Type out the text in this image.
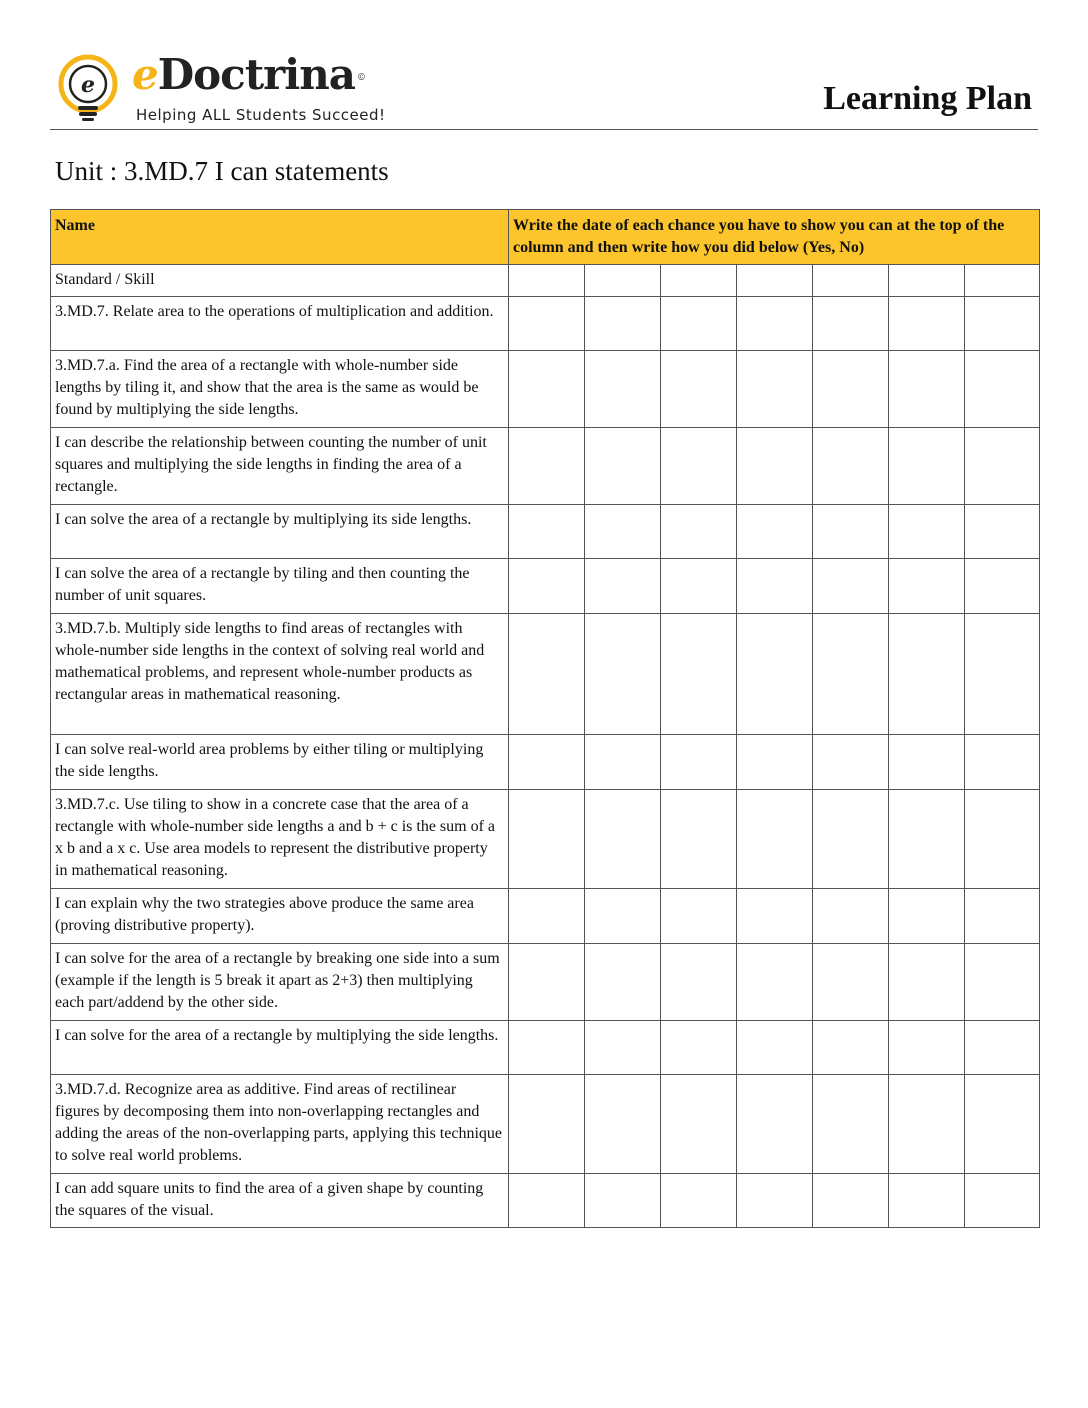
e eDoctrina ©
Helping ALL Students Succeed!	Learning Plan
Unit : 3.MD.7 I can statements
Name	Write the date of each chance you have to show you can at the top of the column and then write how you did below (Yes, No)						
Standard / Skill							
3.MD.7. Relate area to the operations of multiplication and addition.							
3.MD.7.a. Find the area of a rectangle with whole-number side lengths by tiling it, and show that the area is the same as would be found by multiplying the side lengths.							
I can describe the relationship between counting the number of unit squares and multiplying the side lengths in finding the area of a rectangle.							
I can solve the area of a rectangle by multiplying its side lengths.							
I can solve the area of a rectangle by tiling and then counting the number of unit squares.							
3.MD.7.b. Multiply side lengths to find areas of rectangles with whole-number side lengths in the context of solving real world and mathematical problems, and represent whole-number products as rectangular areas in mathematical reasoning.							
I can solve real-world area problems by either tiling or multiplying the side lengths.							
3.MD.7.c. Use tiling to show in a concrete case that the area of a rectangle with whole-number side lengths a and b + c is the sum of a x b and a x c. Use area models to represent the distributive property in mathematical reasoning.							
I can explain why the two strategies above produce the same area (proving distributive property).							
I can solve for the area of a rectangle by breaking one side into a sum (example if the length is 5 break it apart as 2+3) then multiplying each part/addend by the other side.							
I can solve for the area of a rectangle by multiplying the side lengths.							
3.MD.7.d. Recognize area as additive. Find areas of rectilinear figures by decomposing them into non-overlapping rectangles and adding the areas of the non-overlapping parts, applying this technique to solve real world problems.							
I can add square units to find the area of a given shape by counting the squares of the visual.							
